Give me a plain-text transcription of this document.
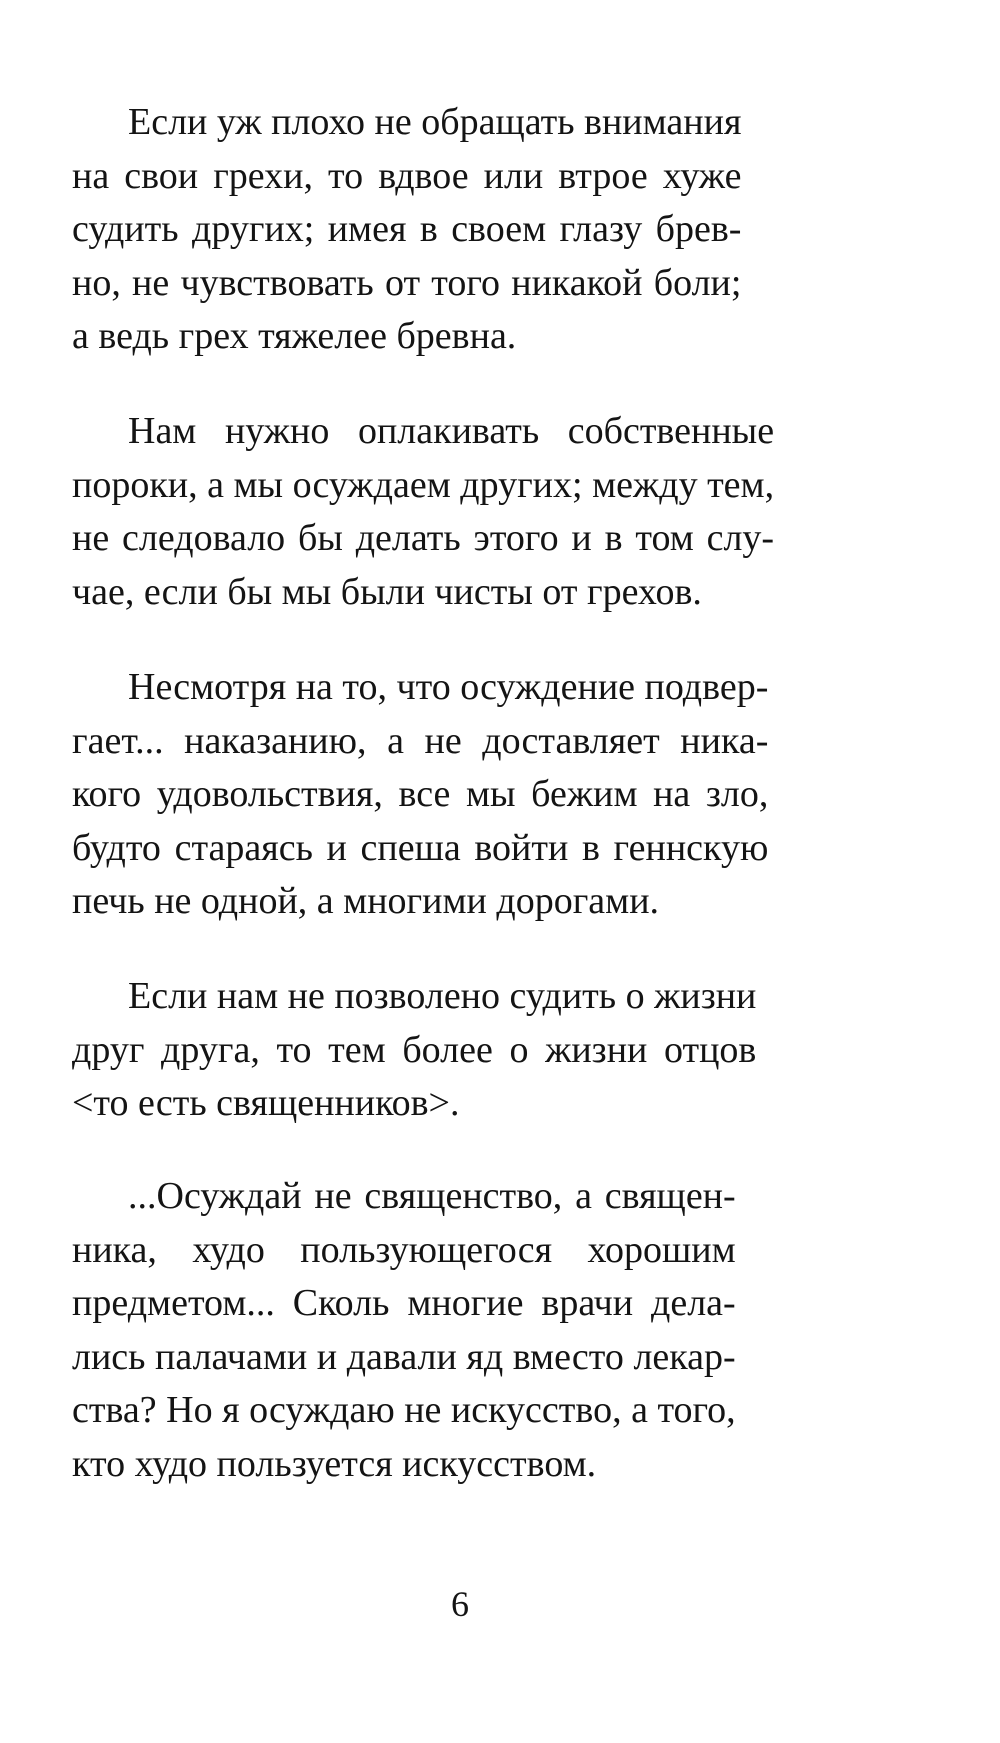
Если уж плохо не обращать внимания
на свои грехи, то вдвое или втрое хуже
судить других; имея в своем глазу брев-
но, не чувствовать от того никакой боли;
а ведь грех тяжелее бревна.

Нам нужно оплакивать собственные
пороки, а мы осуждаем других; между тем,
не следовало бы делать этого и в том слу-
чае, если бы мы были чисты от грехов.

Несмотря на то, что осуждение подвер-
гает... наказанию, а не доставляет ника-
кого удовольствия, все мы бежим на зло,
будто стараясь и спеша войти в геннскую
печь не одной, а многими дорогами.

Если нам не позволено судить о жизни
друг друга, то тем более о жизни отцов
<то есть священников>.

...Осуждай не священство, а священ-
ника, худо пользующегося хорошим
предметом... Сколь многие врачи дела-
лись палачами и давали яд вместо лекар-
ства? Но я осуждаю не искусство, а того,
кто худо пользуется искусством.

6
